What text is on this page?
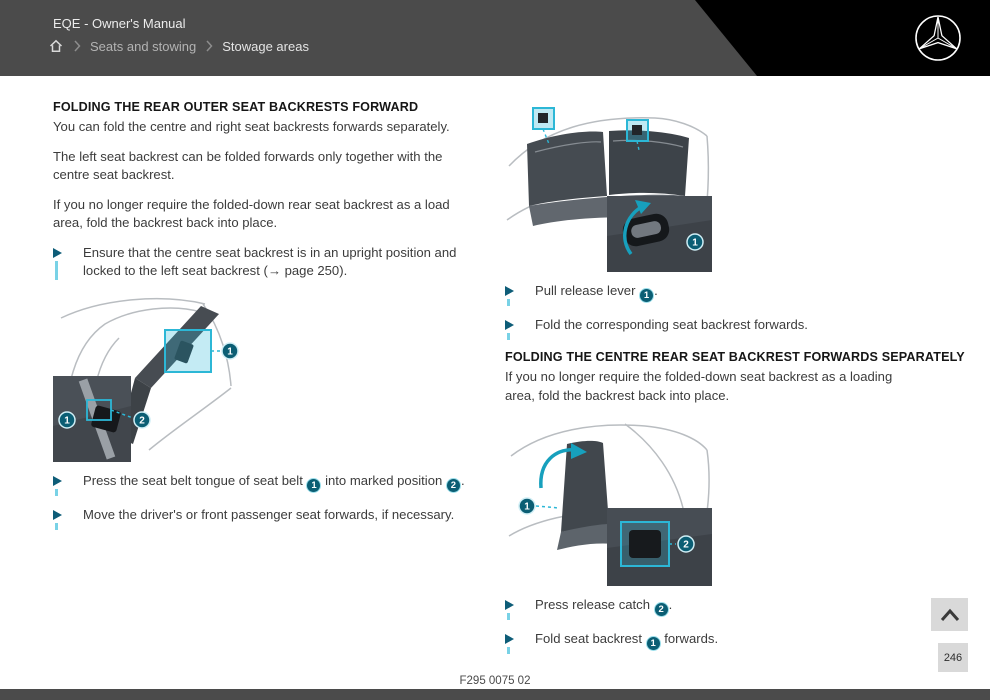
EQE - Owner's Manual
Seats and stowing Stowage areas
FOLDING THE REAR OUTER SEAT BACKRESTS FORWARD

You can fold the centre and right seat backrests forwards separately.

The left seat backrest can be folded forwards only together with the centre seat backrest.

If you no longer require the folded-down rear seat backrest as a load area, fold the backrest back into place.

Ensure that the centre seat backrest is in an upright position and locked to the left seat backrest (→ page 250).
1
1	2
Press the seat belt tongue of seat belt 1 into marked position 2 .
Move the driver's or front passenger seat forwards, if necessary.
1
Pull release lever 1 .
Fold the corresponding seat backrest forwards.
FOLDING THE CENTRE REAR SEAT BACKREST FORWARDS SEPARATELY

If you no longer require the folded-down seat backrest as a loading area, fold the backrest back into place.

1
2
Press release catch 2 .
Fold seat backrest 1 forwards.
246
F295 0075 02
